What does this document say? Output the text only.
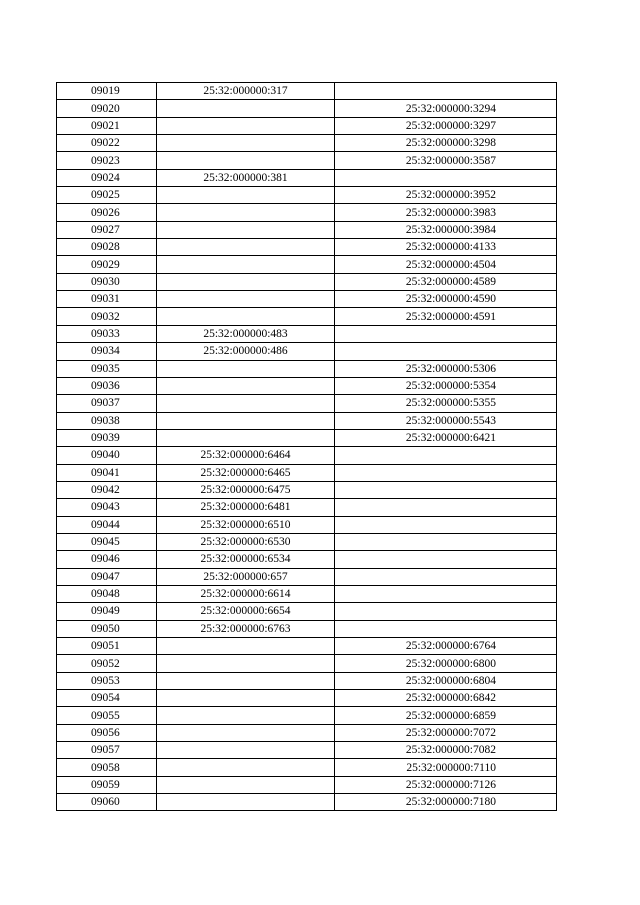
09019	25:32:000000:317	
09020		25:32:000000:3294
09021		25:32:000000:3297
09022		25:32:000000:3298
09023		25:32:000000:3587
09024	25:32:000000:381	
09025		25:32:000000:3952
09026		25:32:000000:3983
09027		25:32:000000:3984
09028		25:32:000000:4133
09029		25:32:000000:4504
09030		25:32:000000:4589
09031		25:32:000000:4590
09032		25:32:000000:4591
09033	25:32:000000:483	
09034	25:32:000000:486	
09035		25:32:000000:5306
09036		25:32:000000:5354
09037		25:32:000000:5355
09038		25:32:000000:5543
09039		25:32:000000:6421
09040	25:32:000000:6464	
09041	25:32:000000:6465	
09042	25:32:000000:6475	
09043	25:32:000000:6481	
09044	25:32:000000:6510	
09045	25:32:000000:6530	
09046	25:32:000000:6534	
09047	25:32:000000:657	
09048	25:32:000000:6614	
09049	25:32:000000:6654	
09050	25:32:000000:6763	
09051		25:32:000000:6764
09052		25:32:000000:6800
09053		25:32:000000:6804
09054		25:32:000000:6842
09055		25:32:000000:6859
09056		25:32:000000:7072
09057		25:32:000000:7082
09058		25:32:000000:7110
09059		25:32:000000:7126
09060		25:32:000000:7180
